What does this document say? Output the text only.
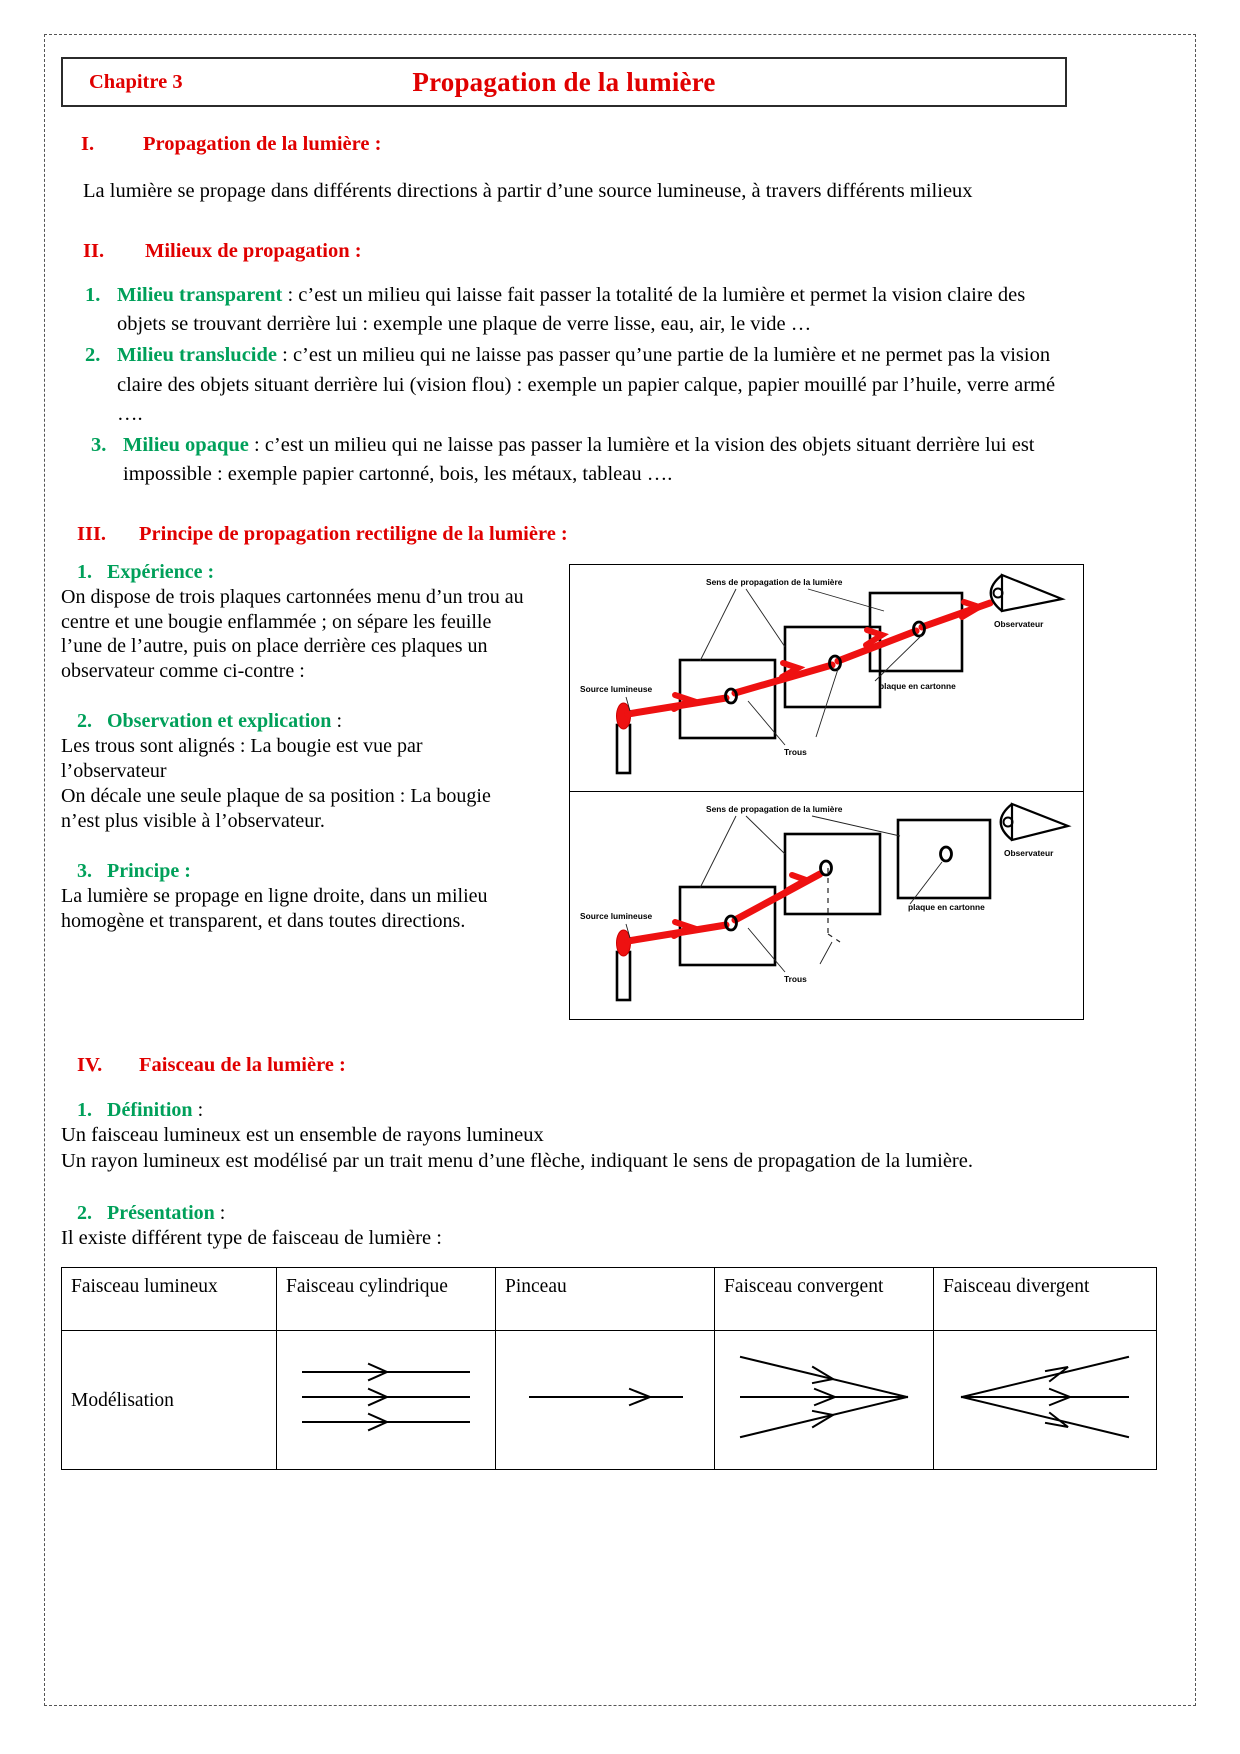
Chapitre 3	Propagation de la lumière
I.	Propagation de la lumière :
La lumière se propage dans différents directions à partir d’une source lumineuse, à travers différents milieux
II.	Milieux de propagation :
1. Milieu transparent : c’est un milieu qui laisse fait passer la totalité de la lumière et permet la vision claire des objets se trouvant derrière lui : exemple une plaque de verre lisse, eau, air, le vide …
2. Milieu translucide : c’est un milieu qui ne laisse pas passer qu’une partie de la lumière et ne permet pas la vision claire des objets situant derrière lui (vision flou) : exemple un papier calque, papier mouillé par l’huile, verre armé ….
3. Milieu opaque : c’est un milieu qui ne laisse pas passer la lumière et la vision des objets situant derrière lui est impossible : exemple papier cartonné, bois, les métaux, tableau ….
III.	Principe de propagation rectiligne de la lumière :
1. Expérience :
On dispose de trois plaques cartonnées menu d’un trou au centre et une bougie enflammée ; on sépare les feuille l’une de l’autre, puis on place derrière ces plaques un observateur comme ci-contre :
2. Observation et explication :
Les trous sont alignés : La bougie est vue par l’observateur
On décale une seule plaque de sa position : La bougie n’est plus visible à l’observateur.
3. Principe :
La lumière se propage en ligne droite, dans un milieu homogène et transparent, et dans toutes directions.
Sens de propagation de la lumière
Source lumineuse	plaque en cartonne
Trous
Observateur
Sens de propagation de la lumière
Source lumineuse
plaque en cartonne
Trous
Observateur
IV.	Faisceau de la lumière :
1. Définition :
Un faisceau lumineux est un ensemble de rayons lumineux
Un rayon lumineux est modélisé par un trait menu d’une flèche, indiquant le sens de propagation de la lumière.
2. Présentation :
Il existe différent type de faisceau de lumière :
Faisceau lumineux	Faisceau cylindrique	Pinceau	Faisceau convergent	Faisceau divergent
Modélisation				
